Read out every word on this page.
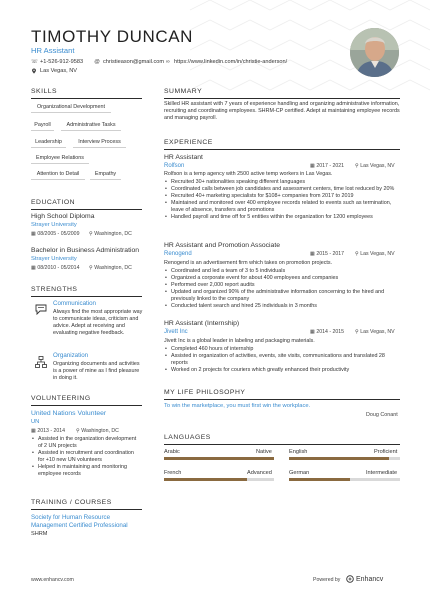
TIMOTHY DUNCAN
HR Assistant
☏ +1-526-912-9583 @ christieason@gmail.com ∞ https://www.linkedin.com/in/christie-anderson/
Las Vegas, NV
SKILLS
Organizational Development
Payroll	Administrative Tasks
Leadership	Interview Process
Employee Relations
Attention to Detail	Empathy
EDUCATION
High School Diploma
Strayer University
▦ 08/2005 - 05/2009 ⚲ Washington, DC
Bachelor in Business Administration
Strayer University
▦ 08/2010 - 05/2014 ⚲ Washington, DC
STRENGTHS
Communication
Always find the most appropriate way to communicate ideas, criticism and advice. Adept at receiving and evaluating negative feedback.
Organization
Organizing documents and activities is a power of mine as I find pleasure in doing it.
VOLUNTEERING
United Nations Volunteer
UN
▦ 2013 - 2014 ⚲ Washington, DC
• Assisted in the organization development of 2 UN projects
• Assisted in recruitment and coordination for +10 new UN volunteers
• Helped in maintaining and monitoring employee records
TRAINING / COURSES
Society for Human Resource Management Certified Professional
SHRM
SUMMARY
Skilled HR assistant with 7 years of experience handling and organizing administrative information, recruiting and coordinating employees. SHRM-CP certified. Adept at maintaining employee records and managing payroll.
EXPERIENCE
HR Assistant
Rolfson	▦ 2017 - 2021 ⚲ Las Vegas, NV
Rolfson is a temp agency with 2500 active temp workers in Las Vegas.
• Recruited 30+ nationalities speaking different languages
• Coordinated calls between job candidates and assessment centers, time lost reduced by 20%
• Recruited 40+ marketing specialists for $108+ companies from 2017 to 2019
• Maintained and monitored over 400 employee records related to events such as termination, leave of absence, transfers and promotions
• Handled payroll and time off for 5 entities within the organization for 1200 employees
HR Assistant and Promotion Associate
Renogend	▦ 2015 - 2017 ⚲ Las Vegas, NV
Renogend is an advertisement firm which takes on promotion projects.
• Coordinated and led a team of 3 to 5 individuals
• Organized a corporate event for about 400 employees and companies
• Performed over 2,000 report audits
• Updated and organized 90% of the administrative information concerning to the hired and previously linked to the company
• Conducted talent search and hired 25 individuals in 3 months
HR Assistant (Internship)
Jivett Inc	▦ 2014 - 2015 ⚲ Las Vegas, NV
Jivett Inc is a global leader in labeling and packaging materials.
• Completed 460 hours of internship
• Assisted in organization of activities, events, site visits, communications and translated 28 reports
• Worked on 2 projects for couriers which greatly enhanced their productivity
MY LIFE PHILOSOPHY
To win the marketplace, you must first win the workplace.
Doug Conant
LANGUAGES
Arabic	Native	English	Proficient
French	Advanced	German	Intermediate
www.enhancv.com	Powered by Enhancv
